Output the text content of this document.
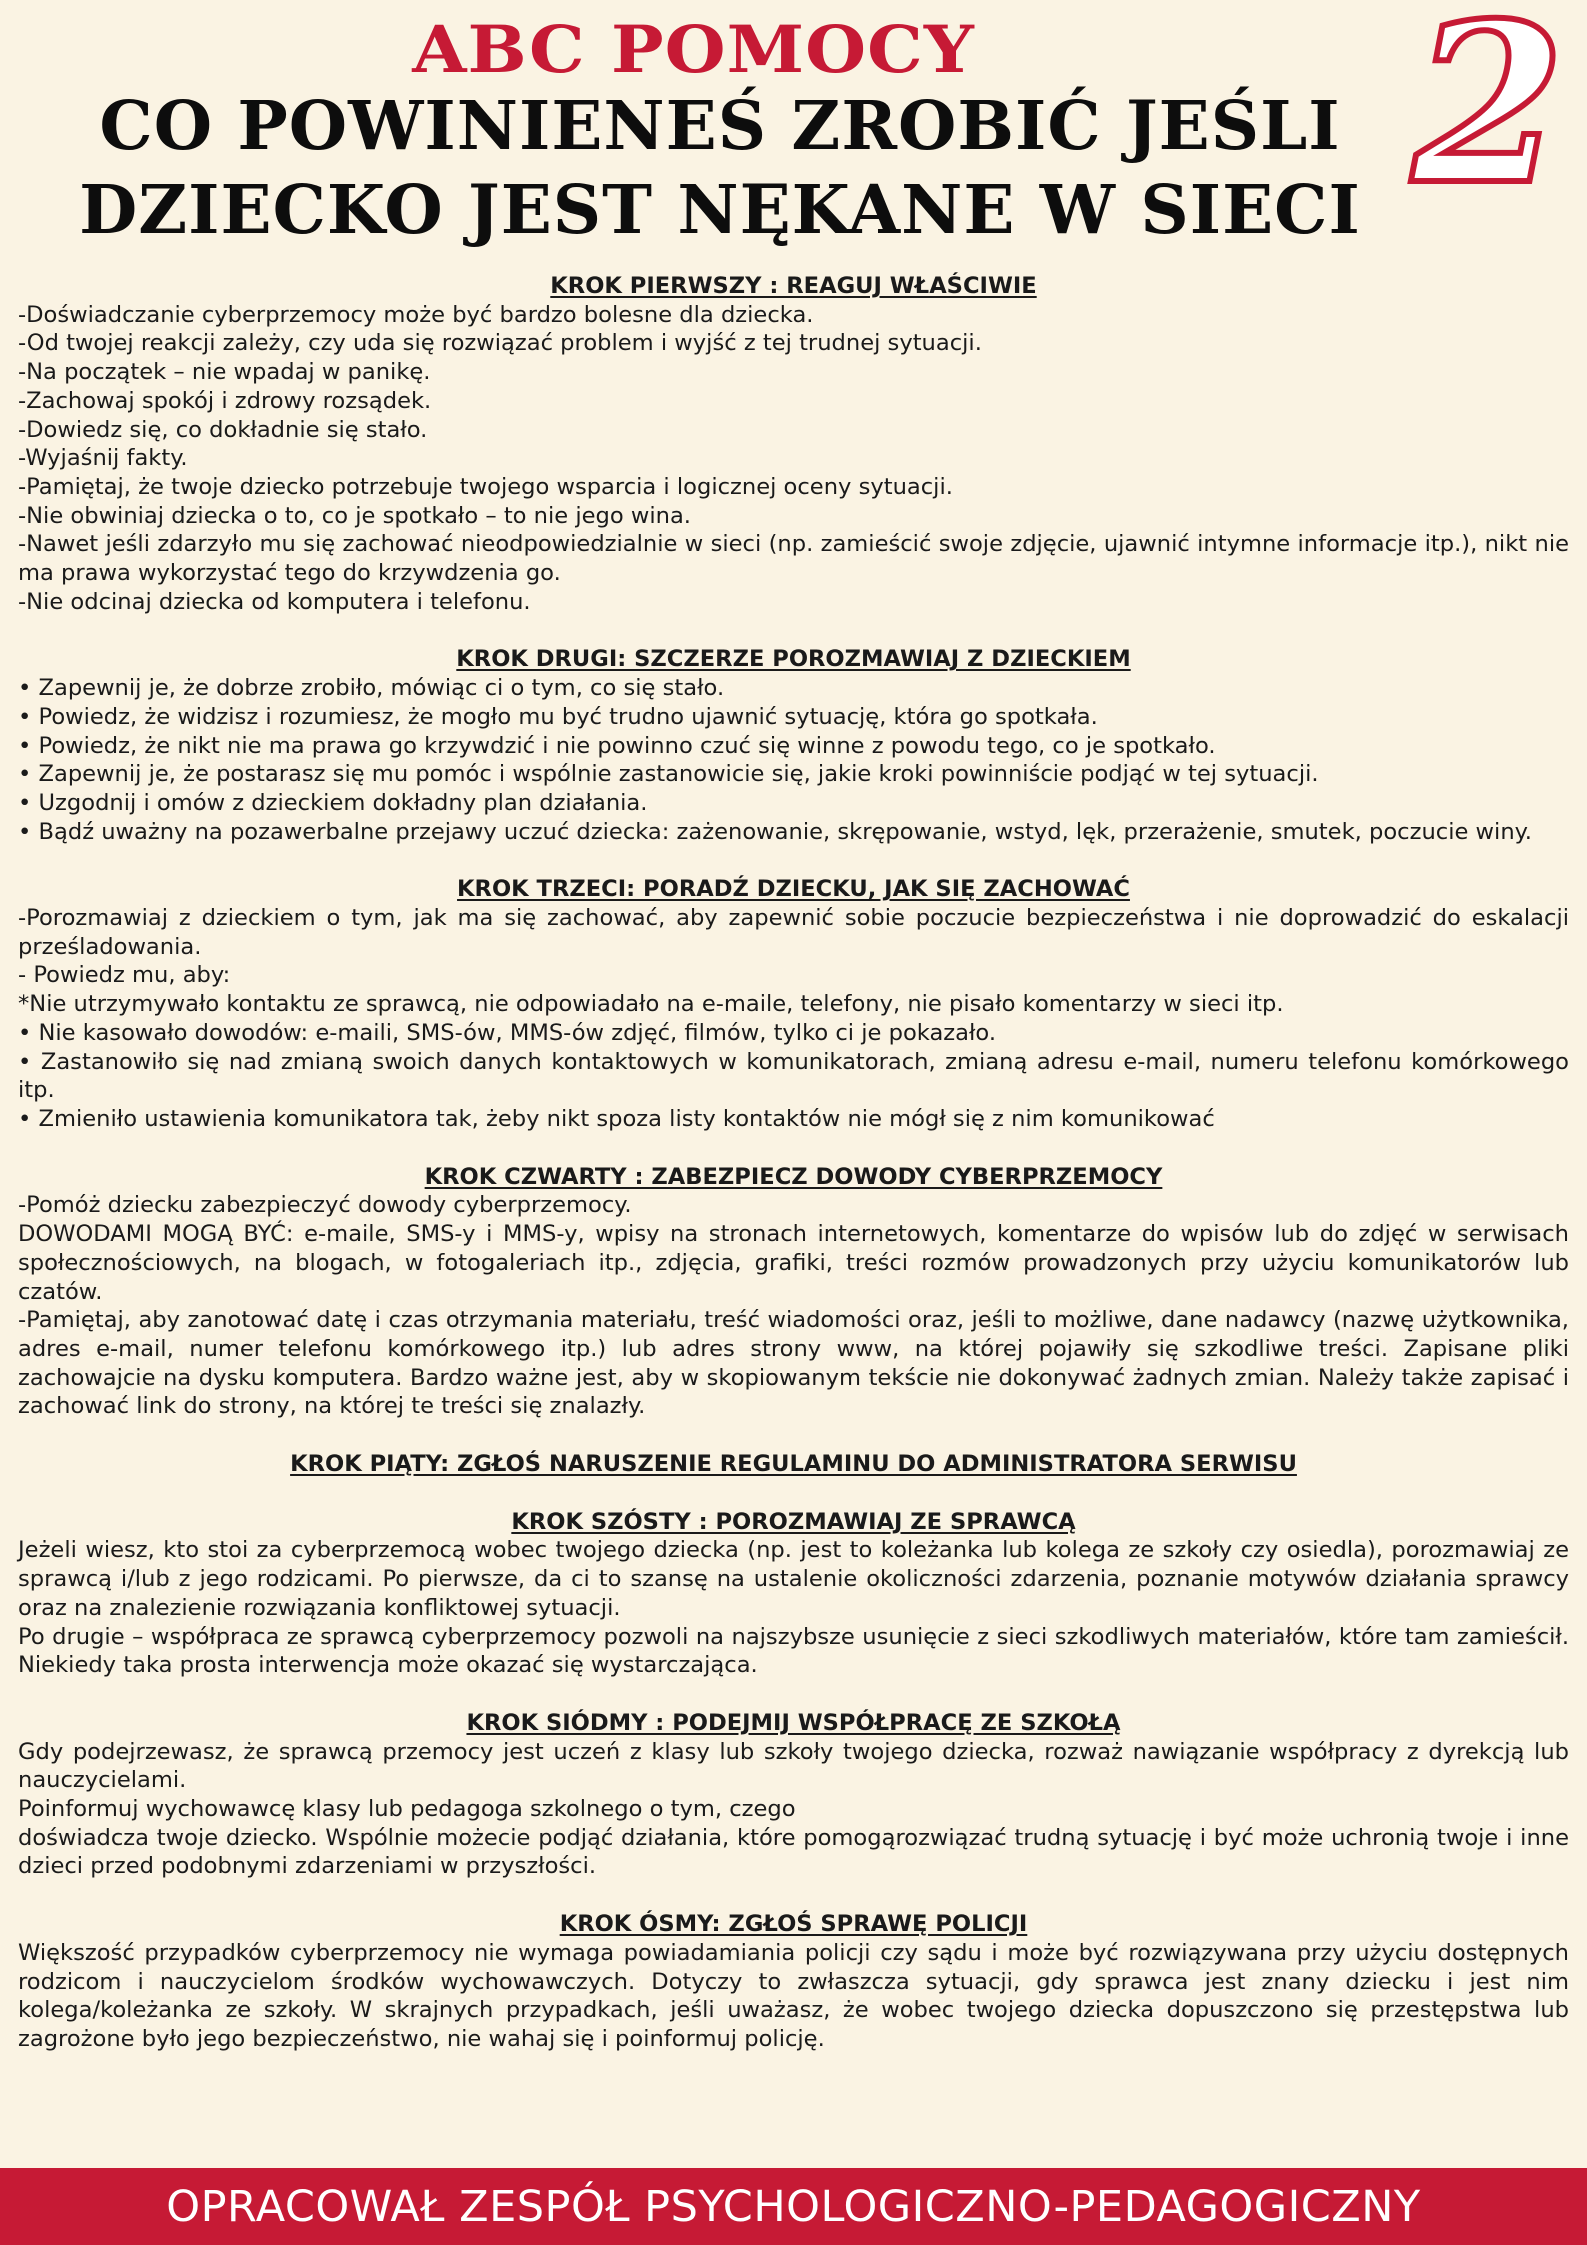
ABC POMOCY
CO POWINIENEŚ ZROBIĆ JEŚLI
DZIECKO JEST NĘKANE W SIECI 2
KROK PIERWSZY : REAGUJ WŁAŚCIWIE

-Doświadczanie cyberprzemocy może być bardzo bolesne dla dziecka.

-Od twojej reakcji zależy, czy uda się rozwiązać problem i wyjść z tej trudnej sytuacji.

-Na początek – nie wpadaj w panikę.

-Zachowaj spokój i zdrowy rozsądek.

-Dowiedz się, co dokładnie się stało.

-Wyjaśnij fakty.

-Pamiętaj, że twoje dziecko potrzebuje twojego wsparcia i logicznej oceny sytuacji.

-Nie obwiniaj dziecka o to, co je spotkało – to nie jego wina.

-Nawet jeśli zdarzyło mu się zachować nieodpowiedzialnie w sieci (np. zamieścić swoje zdjęcie, ujawnić intymne informacje itp.), nikt nie ma prawa wykorzystać tego do krzywdzenia go.

-Nie odcinaj dziecka od komputera i telefonu.

KROK DRUGI: SZCZERZE POROZMAWIAJ Z DZIECKIEM

• Zapewnij je, że dobrze zrobiło, mówiąc ci o tym, co się stało.

• Powiedz, że widzisz i rozumiesz, że mogło mu być trudno ujawnić sytuację, która go spotkała.

• Powiedz, że nikt nie ma prawa go krzywdzić i nie powinno czuć się winne z powodu tego, co je spotkało.

• Zapewnij je, że postarasz się mu pomóc i wspólnie zastanowicie się, jakie kroki powinniście podjąć w tej sytuacji.

• Uzgodnij i omów z dzieckiem dokładny plan działania.

• Bądź uważny na pozawerbalne przejawy uczuć dziecka: zażenowanie, skrępowanie, wstyd, lęk, przerażenie, smutek, poczucie winy.

KROK TRZECI: PORADŹ DZIECKU, JAK SIĘ ZACHOWAĆ

-Porozmawiaj z dzieckiem o tym, jak ma się zachować, aby zapewnić sobie poczucie bezpieczeństwa i nie doprowadzić do eskalacji prześladowania.

- Powiedz mu, aby:

*Nie utrzymywało kontaktu ze sprawcą, nie odpowiadało na e-maile, telefony, nie pisało komentarzy w sieci itp.

• Nie kasowało dowodów: e-maili, SMS-ów, MMS-ów zdjęć, filmów, tylko ci je pokazało.

• Zastanowiło się nad zmianą swoich danych kontaktowych w komunikatorach, zmianą adresu e-mail, numeru telefonu komórkowego itp.

• Zmieniło ustawienia komunikatora tak, żeby nikt spoza listy kontaktów nie mógł się z nim komunikować

KROK CZWARTY : ZABEZPIECZ DOWODY CYBERPRZEMOCY

-Pomóż dziecku zabezpieczyć dowody cyberprzemocy.

DOWODAMI MOGĄ BYĆ: e-maile, SMS-y i MMS-y, wpisy na stronach internetowych, komentarze do wpisów lub do zdjęć w serwisach społecznościowych, na blogach, w fotogaleriach itp., zdjęcia, grafiki, treści rozmów prowadzonych przy użyciu komunikatorów lub czatów.

-Pamiętaj, aby zanotować datę i czas otrzymania materiału, treść wiadomości oraz, jeśli to możliwe, dane nadawcy (nazwę użytkownika, adres e-mail, numer telefonu komórkowego itp.) lub adres strony www, na której pojawiły się szkodliwe treści. Zapisane pliki zachowajcie na dysku komputera. Bardzo ważne jest, aby w skopiowanym tekście nie dokonywać żadnych zmian. Należy także zapisać i zachować link do strony, na której te treści się znalazły.

KROK PIĄTY: ZGŁOŚ NARUSZENIE REGULAMINU DO ADMINISTRATORA SERWISU
KROK SZÓSTY : POROZMAWIAJ ZE SPRAWCĄ

Jeżeli wiesz, kto stoi za cyberprzemocą wobec twojego dziecka (np. jest to koleżanka lub kolega ze szkoły czy osiedla), porozmawiaj ze sprawcą i/lub z jego rodzicami. Po pierwsze, da ci to szansę na ustalenie okoliczności zdarzenia, poznanie motywów działania sprawcy oraz na znalezienie rozwiązania konfliktowej sytuacji.

Po drugie – współpraca ze sprawcą cyberprzemocy pozwoli na najszybsze usunięcie z sieci szkodliwych materiałów, które tam zamieścił. Niekiedy taka prosta interwencja może okazać się wystarczająca.

KROK SIÓDMY : PODEJMIJ WSPÓŁPRACĘ ZE SZKOŁĄ

Gdy podejrzewasz, że sprawcą przemocy jest uczeń z klasy lub szkoły twojego dziecka, rozważ nawiązanie współpracy z dyrekcją lub nauczycielami.

Poinformuj wychowawcę klasy lub pedagoga szkolnego o tym, czego

doświadcza twoje dziecko. Wspólnie możecie podjąć działania, które pomogąrozwiązać trudną sytuację i być może uchronią twoje i inne dzieci przed podobnymi zdarzeniami w przyszłości.

KROK ÓSMY: ZGŁOŚ SPRAWĘ POLICJI

Większość przypadków cyberprzemocy nie wymaga powiadamiania policji czy sądu i może być rozwiązywana przy użyciu dostępnych rodzicom i nauczycielom środków wychowawczych. Dotyczy to zwłaszcza sytuacji, gdy sprawca jest znany dziecku i jest nim kolega/koleżanka ze szkoły. W skrajnych przypadkach, jeśli uważasz, że wobec twojego dziecka dopuszczono się przestępstwa lub zagrożone było jego bezpieczeństwo, nie wahaj się i poinformuj policję.

OPRACOWAŁ ZESPÓŁ PSYCHOLOGICZNO-PEDAGOGICZNY
